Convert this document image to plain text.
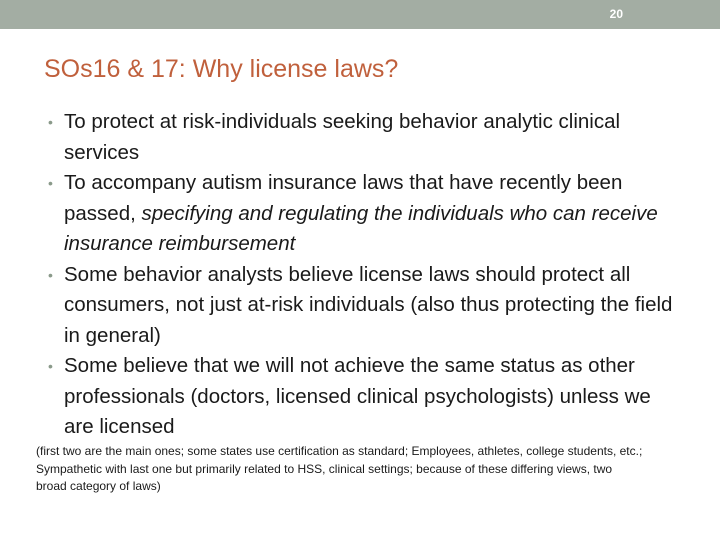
20
SOs16 & 17: Why license laws?
• To protect at risk-individuals seeking behavior analytic clinical services
• To accompany autism insurance laws that have recently been passed, specifying and regulating the individuals who can receive insurance reimbursement
• Some behavior analysts believe license laws should protect all consumers, not just at-risk individuals (also thus protecting the field in general)
• Some believe that we will not achieve the same status as other professionals (doctors, licensed clinical psychologists) unless we are licensed
(first two are the main ones; some states use certification as standard; Employees, athletes, college students, etc.; Sympathetic with last one but primarily related to HSS, clinical settings; because of these differing views, two broad category of laws)
